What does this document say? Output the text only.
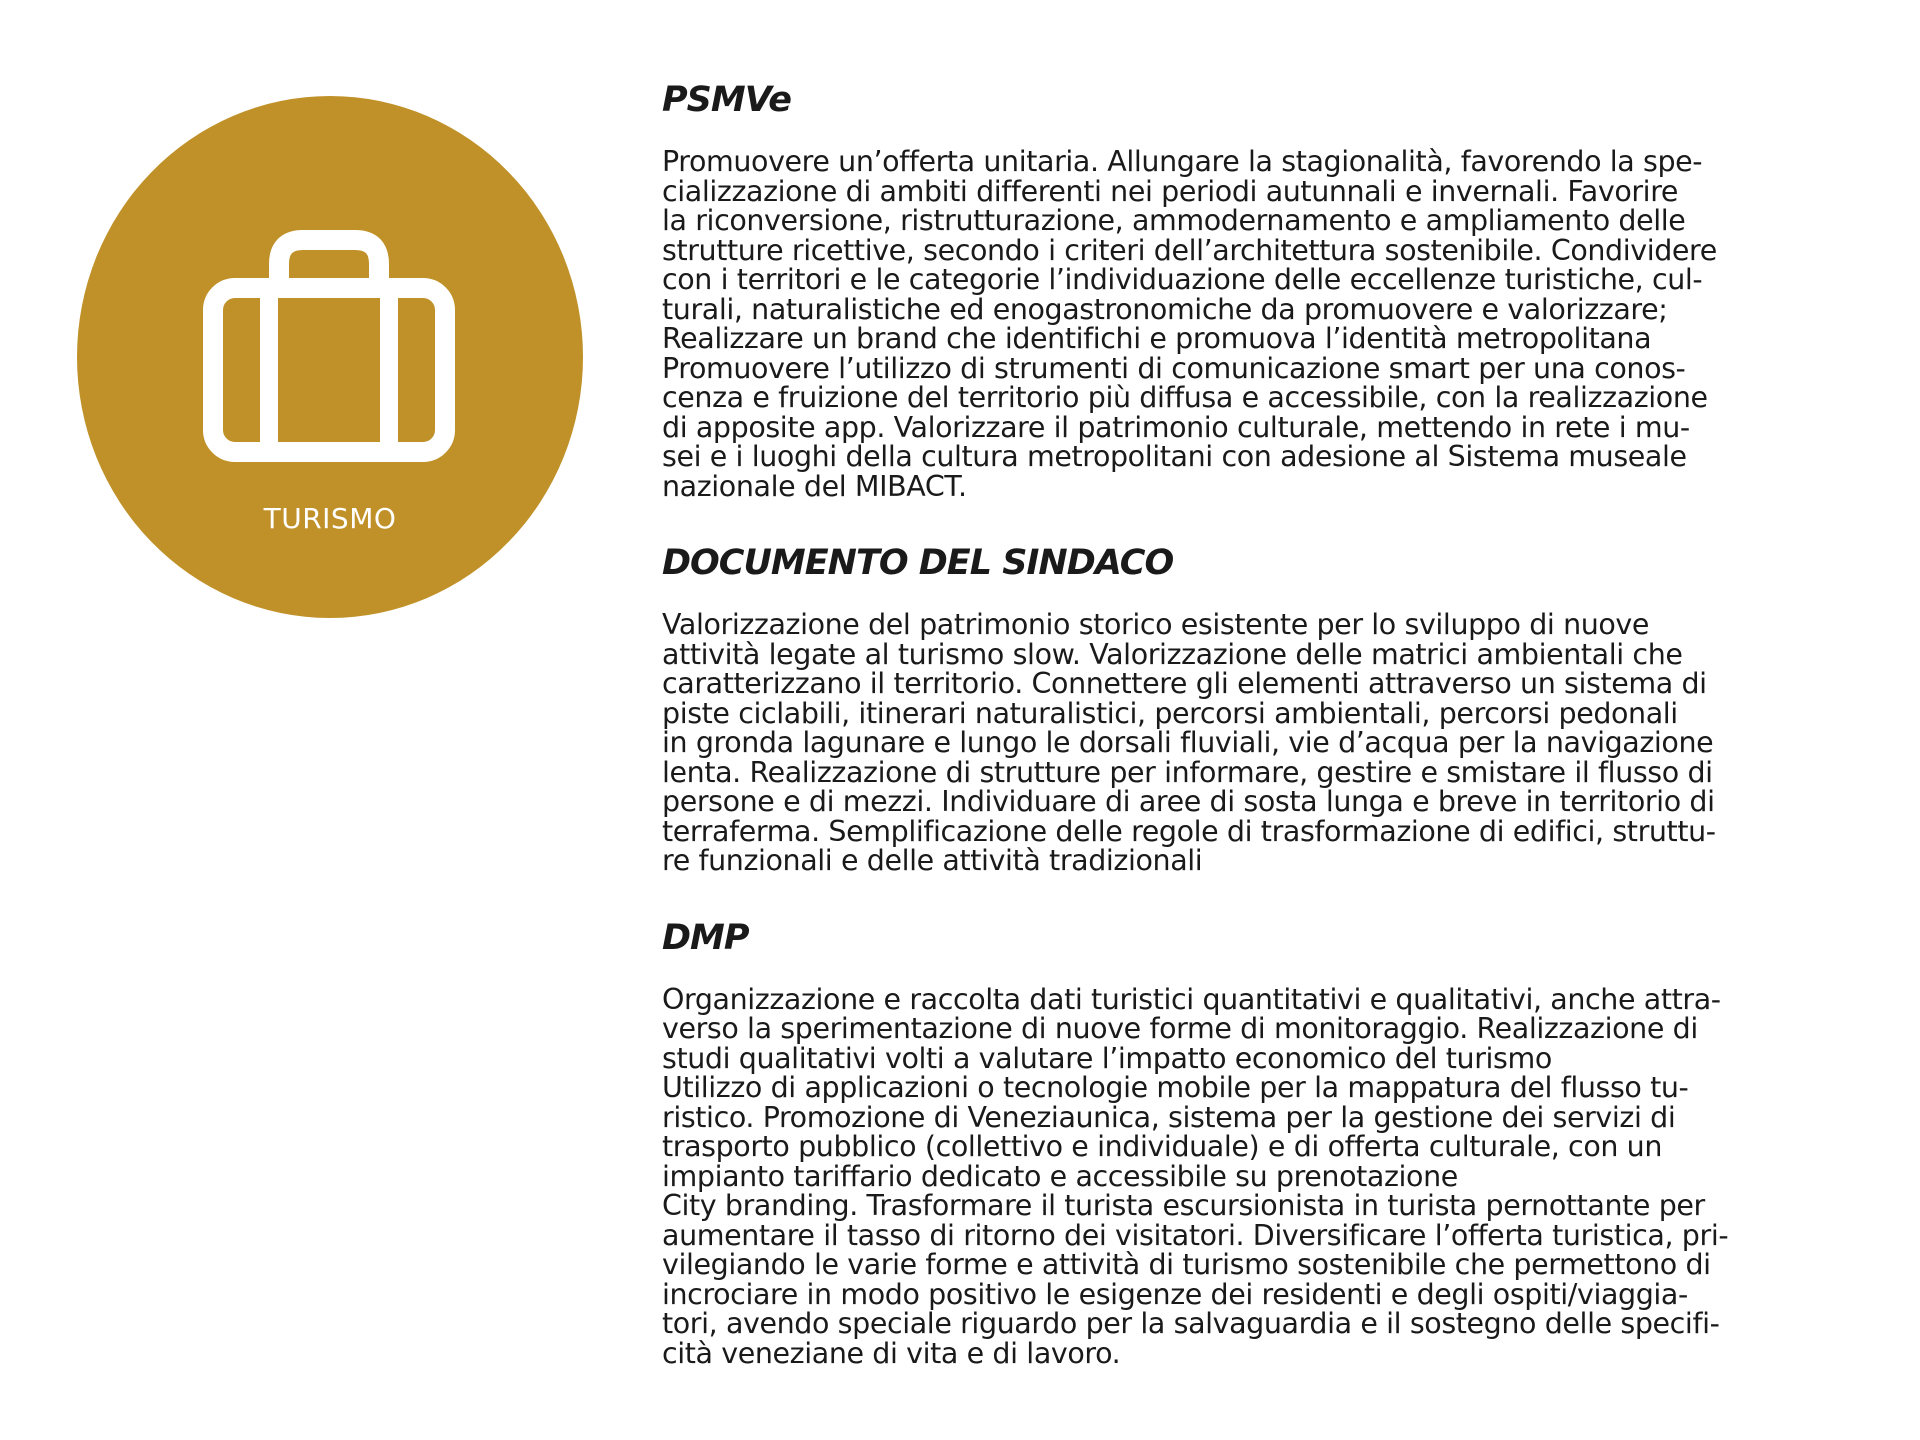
TURISMO
PSMVe

Promuovere un’offerta unitaria. Allungare la stagionalità, favorendo la spe-
cializzazione di ambiti differenti nei periodi autunnali e invernali. Favorire
la riconversione, ristrutturazione, ammodernamento e ampliamento delle
strutture ricettive, secondo i criteri dell’architettura sostenibile. Condividere
con i territori e le categorie l’individuazione delle eccellenze turistiche, cul-
turali, naturalistiche ed enogastronomiche da promuovere e valorizzare;
Realizzare un brand che identifichi e promuova l’identità metropolitana
Promuovere l’utilizzo di strumenti di comunicazione smart per una conos-
cenza e fruizione del territorio più diffusa e accessibile, con la realizzazione
di apposite app. Valorizzare il patrimonio culturale, mettendo in rete i mu-
sei e i luoghi della cultura metropolitani con adesione al Sistema museale
nazionale del MIBACT.

DOCUMENTO DEL SINDACO

Valorizzazione del patrimonio storico esistente per lo sviluppo di nuove
attività legate al turismo slow. Valorizzazione delle matrici ambientali che
caratterizzano il territorio. Connettere gli elementi attraverso un sistema di
piste ciclabili, itinerari naturalistici, percorsi ambientali, percorsi pedonali
in gronda lagunare e lungo le dorsali fluviali, vie d’acqua per la navigazione
lenta. Realizzazione di strutture per informare, gestire e smistare il flusso di
persone e di mezzi. Individuare di aree di sosta lunga e breve in territorio di
terraferma. Semplificazione delle regole di trasformazione di edifici, struttu-
re funzionali e delle attività tradizionali

DMP

Organizzazione e raccolta dati turistici quantitativi e qualitativi, anche attra-
verso la sperimentazione di nuove forme di monitoraggio. Realizzazione di
studi qualitativi volti a valutare l’impatto economico del turismo
Utilizzo di applicazioni o tecnologie mobile per la mappatura del flusso tu-
ristico. Promozione di Veneziaunica, sistema per la gestione dei servizi di
trasporto pubblico (collettivo e individuale) e di offerta culturale, con un
impianto tariffario dedicato e accessibile su prenotazione
City branding. Trasformare il turista escursionista in turista pernottante per
aumentare il tasso di ritorno dei visitatori. Diversificare l’offerta turistica, pri-
vilegiando le varie forme e attività di turismo sostenibile che permettono di
incrociare in modo positivo le esigenze dei residenti e degli ospiti/viaggia-
tori, avendo speciale riguardo per la salvaguardia e il sostegno delle specifi-
cità veneziane di vita e di lavoro.
